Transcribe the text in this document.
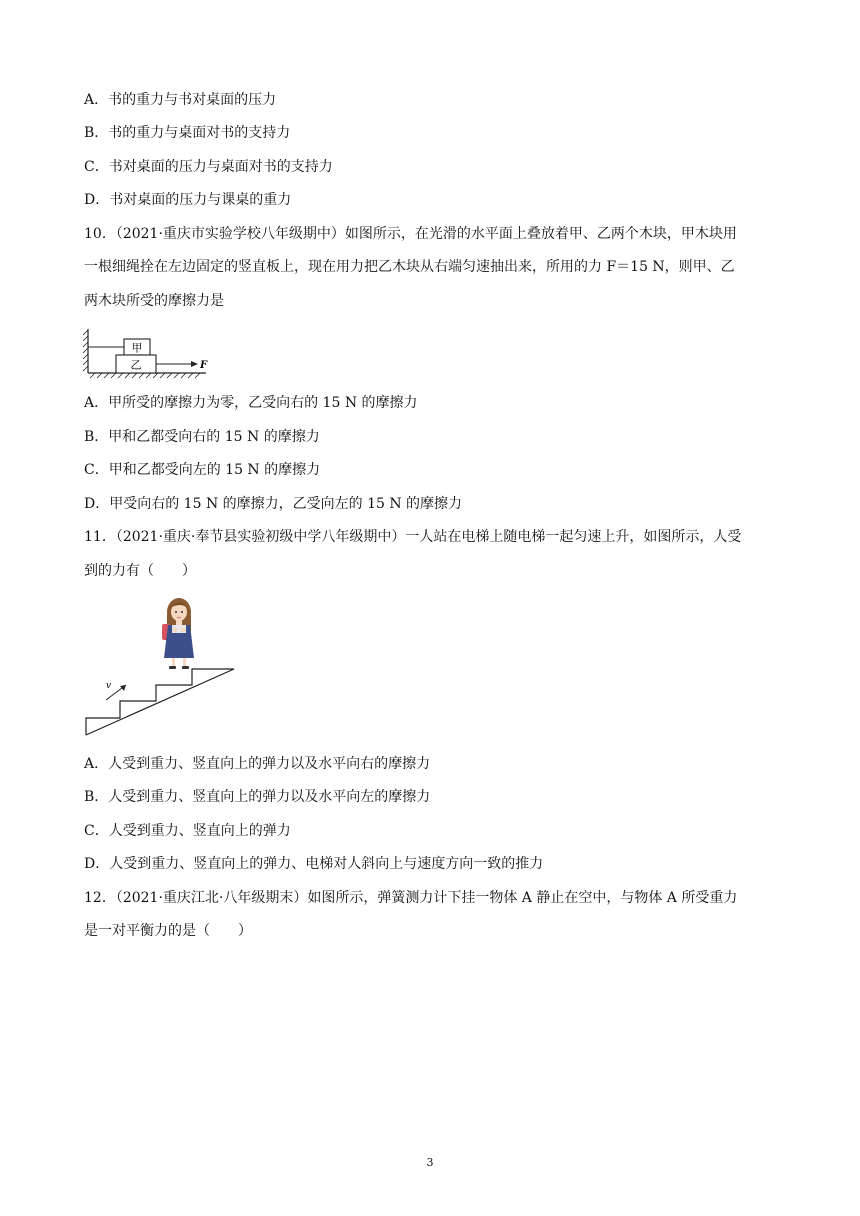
A．书的重力与书对桌面的压力
B．书的重力与桌面对书的支持力
C．书对桌面的压力与桌面对书的支持力
D．书对桌面的压力与课桌的重力
10．（2021·重庆市实验学校八年级期中）如图所示，在光滑的水平面上叠放着甲、乙两个木块，甲木块用
一根细绳拴在左边固定的竖直板上，现在用力把乙木块从右端匀速抽出来，所用的力 F＝15 N，则甲、乙
两木块所受的摩擦力是
甲
乙	F
A．甲所受的摩擦力为零，乙受向右的 15 N 的摩擦力
B．甲和乙都受向右的 15 N 的摩擦力
C．甲和乙都受向左的 15 N 的摩擦力
D．甲受向右的 15 N 的摩擦力，乙受向左的 15 N 的摩擦力
11．（2021·重庆·奉节县实验初级中学八年级期中）一人站在电梯上随电梯一起匀速上升，如图所示，人受
到的力有（　　）
v
A．人受到重力、竖直向上的弹力以及水平向右的摩擦力
B．人受到重力、竖直向上的弹力以及水平向左的摩擦力
C．人受到重力、竖直向上的弹力
D．人受到重力、竖直向上的弹力、电梯对人斜向上与速度方向一致的推力
12．（2021·重庆江北·八年级期末）如图所示，弹簧测力计下挂一物体 A 静止在空中，与物体 A 所受重力
是一对平衡力的是（　　）
3
